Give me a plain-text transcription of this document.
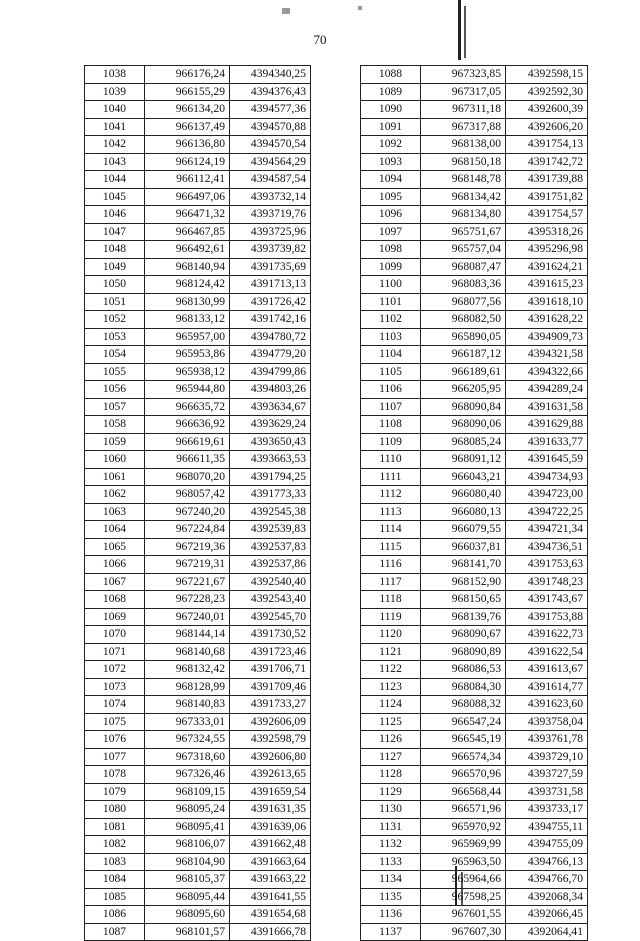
70
1038	966176,24	4394340,25
1039	966155,29	4394376,43
1040	966134,20	4394577,36
1041	966137,49	4394570,88
1042	966136,80	4394570,54
1043	966124,19	4394564,29
1044	966112,41	4394587,54
1045	966497,06	4393732,14
1046	966471,32	4393719,76
1047	966467,85	4393725,96
1048	966492,61	4393739,82
1049	968140,94	4391735,69
1050	968124,42	4391713,13
1051	968130,99	4391726,42
1052	968133,12	4391742,16
1053	965957,00	4394780,72
1054	965953,86	4394779,20
1055	965938,12	4394799,86
1056	965944,80	4394803,26
1057	966635,72	4393634,67
1058	966636,92	4393629,24
1059	966619,61	4393650,43
1060	966611,35	4393663,53
1061	968070,20	4391794,25
1062	968057,42	4391773,33
1063	967240,20	4392545,38
1064	967224,84	4392539,83
1065	967219,36	4392537,83
1066	967219,31	4392537,86
1067	967221,67	4392540,40
1068	967228,23	4392543,40
1069	967240,01	4392545,70
1070	968144,14	4391730,52
1071	968140,68	4391723,46
1072	968132,42	4391706,71
1073	968128,99	4391709,46
1074	968140,83	4391733,27
1075	967333,01	4392606,09
1076	967324,55	4392598,79
1077	967318,60	4392606,80
1078	967326,46	4392613,65
1079	968109,15	4391659,54
1080	968095,24	4391631,35
1081	968095,41	4391639,06
1082	968106,07	4391662,48
1083	968104,90	4391663,64
1084	968105,37	4391663,22
1085	968095,44	4391641,55
1086	968095,60	4391654,68
1087	968101,57	4391666,78
1088	967323,85	4392598,15
1089	967317,05	4392592,30
1090	967311,18	4392600,39
1091	967317,88	4392606,20
1092	968138,00	4391754,13
1093	968150,18	4391742,72
1094	968148,78	4391739,88
1095	968134,42	4391751,82
1096	968134,80	4391754,57
1097	965751,67	4395318,26
1098	965757,04	4395296,98
1099	968087,47	4391624,21
1100	968083,36	4391615,23
1101	968077,56	4391618,10
1102	968082,50	4391628,22
1103	965890,05	4394909,73
1104	966187,12	4394321,58
1105	966189,61	4394322,66
1106	966205,95	4394289,24
1107	968090,84	4391631,58
1108	968090,06	4391629,88
1109	968085,24	4391633,77
1110	968091,12	4391645,59
1111	966043,21	4394734,93
1112	966080,40	4394723,00
1113	966080,13	4394722,25
1114	966079,55	4394721,34
1115	966037,81	4394736,51
1116	968141,70	4391753,63
1117	968152,90	4391748,23
1118	968150,65	4391743,67
1119	968139,76	4391753,88
1120	968090,67	4391622,73
1121	968090,89	4391622,54
1122	968086,53	4391613,67
1123	968084,30	4391614,77
1124	968088,32	4391623,60
1125	966547,24	4393758,04
1126	966545,19	4393761,78
1127	966574,34	4393729,10
1128	966570,96	4393727,59
1129	966568,44	4393731,58
1130	966571,96	4393733,17
1131	965970,92	4394755,11
1132	965969,99	4394755,09
1133	965963,50	4394766,13
1134	965964,66	4394766,70
1135	967598,25	4392068,34
1136	967601,55	4392066,45
1137	967607,30	4392064,41
